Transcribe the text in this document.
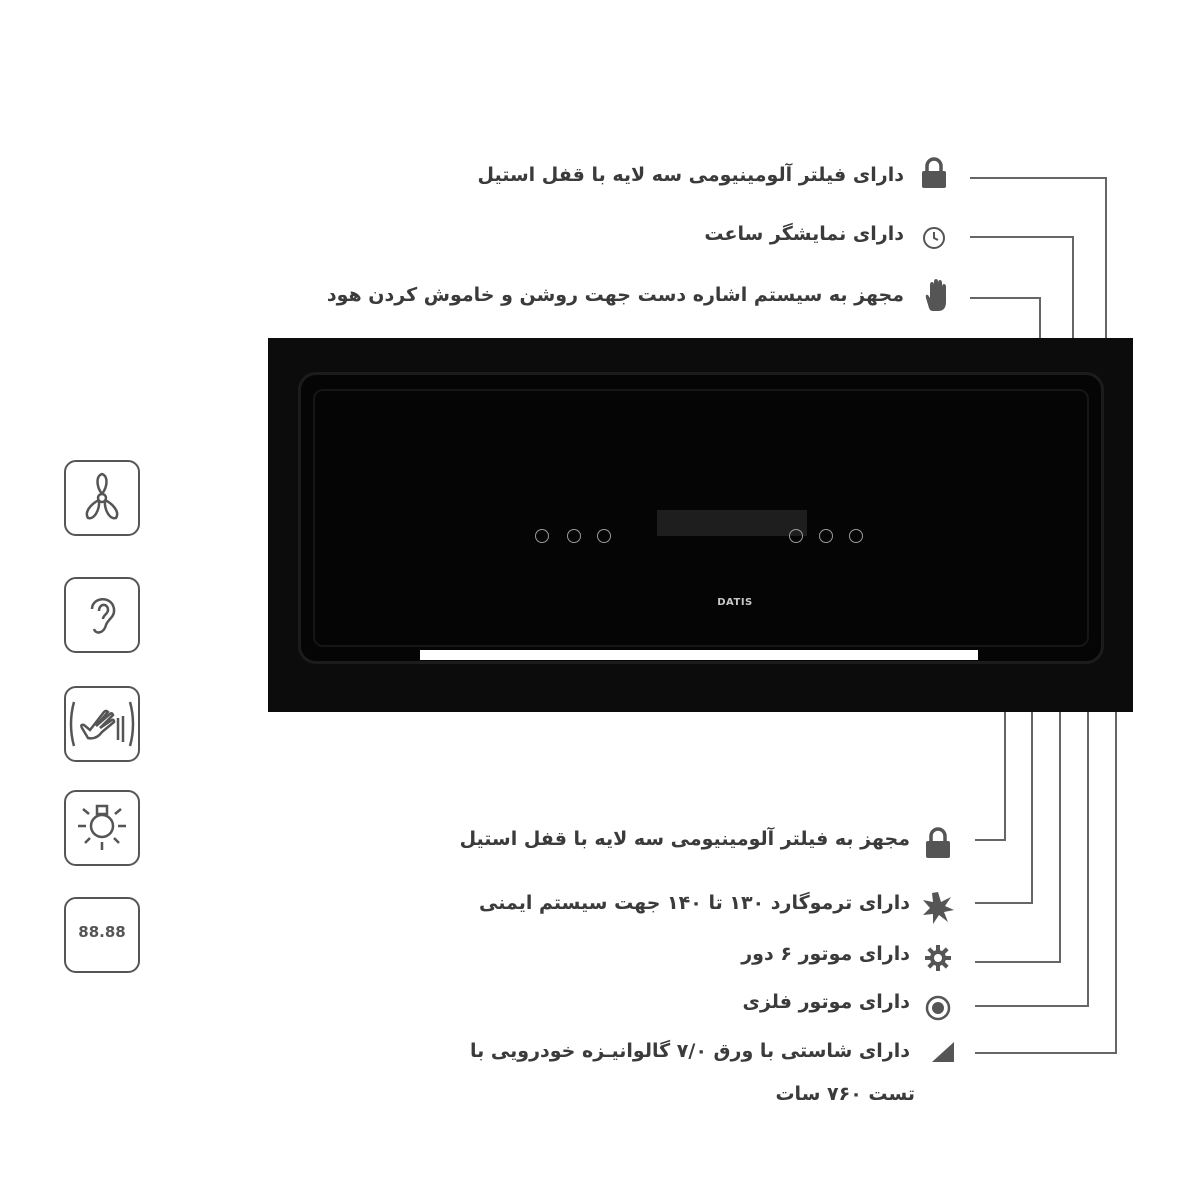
دارای فیلتر آلومینیومی سه لایه با قفل استیل
دارای نمایشگر ساعت
مجهز به سیستم اشاره دست جهت روشن و خاموش کردن هود
DATIS
مجهز به فیلتر آلومینیومی سه لایه با قفل استیل
دارای ترموگارد ۱۳۰ تا ۱۴۰ جهت سیستم ایمنی
دارای موتور ۶ دور
دارای موتور فلزی
دارای شاستی با ورق ۷/۰ گالوانیـزه خودرویی با
تست ۷۶۰ سات
88.88
